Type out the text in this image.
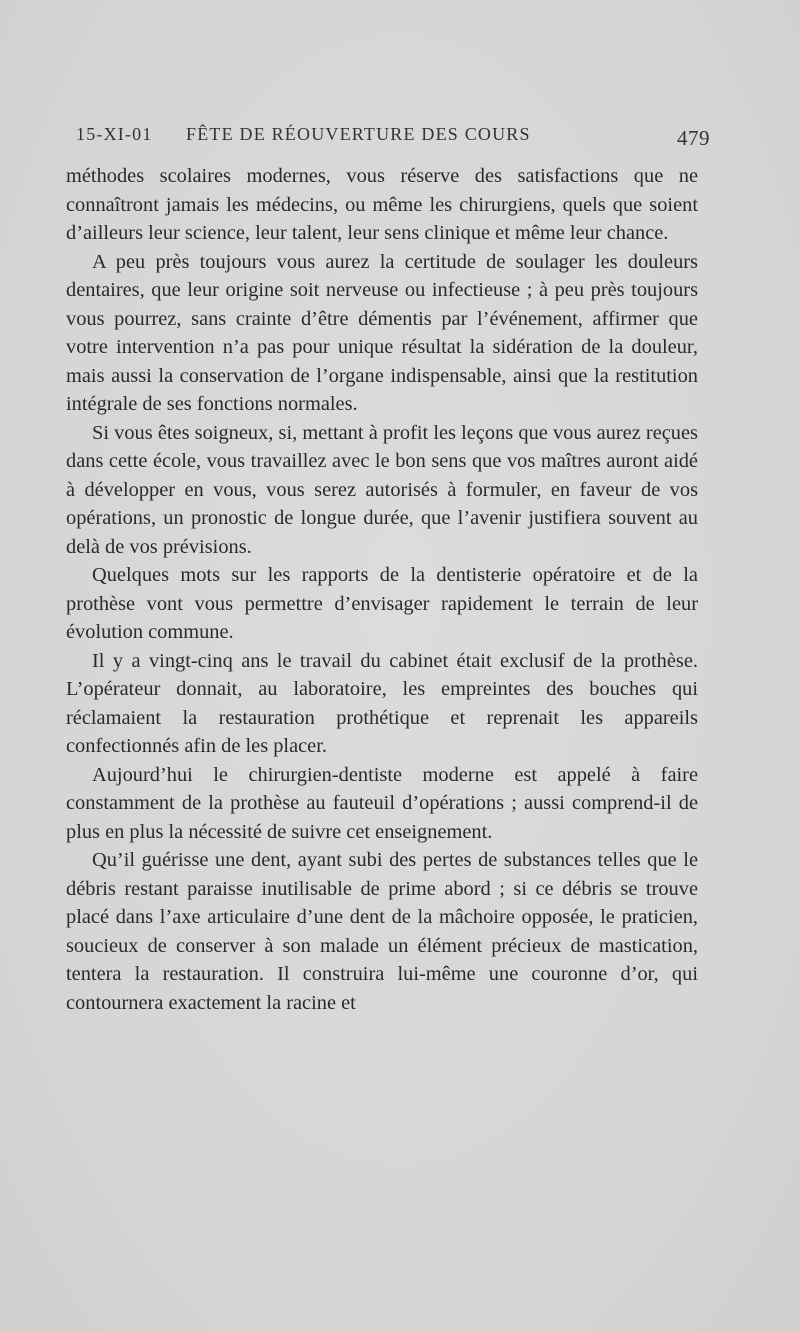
15-XI-01 FÊTE DE RÉOUVERTURE DES COURS	479

méthodes scolaires modernes, vous réserve des satisfactions que ne connaîtront jamais les médecins, ou même les chirurgiens, quels que soient d’ailleurs leur science, leur talent, leur sens clinique et même leur chance.

A peu près toujours vous aurez la certitude de soulager les douleurs dentaires, que leur origine soit nerveuse ou infectieuse ; à peu près toujours vous pourrez, sans crainte d’être démentis par l’événement, affirmer que votre intervention n’a pas pour unique résultat la sidération de la douleur, mais aussi la conservation de l’organe indispensable, ainsi que la restitution intégrale de ses fonctions normales.

Si vous êtes soigneux, si, mettant à profit les leçons que vous aurez reçues dans cette école, vous travaillez avec le bon sens que vos maîtres auront aidé à développer en vous, vous serez autorisés à formuler, en faveur de vos opérations, un pronostic de longue durée, que l’avenir justifiera souvent au delà de vos prévisions.

Quelques mots sur les rapports de la dentisterie opératoire et de la prothèse vont vous permettre d’envisager rapidement le terrain de leur évolution commune.

Il y a vingt-cinq ans le travail du cabinet était exclusif de la prothèse. L’opérateur donnait, au laboratoire, les empreintes des bouches qui réclamaient la restauration prothétique et reprenait les appareils confectionnés afin de les placer.

Aujourd’hui le chirurgien-dentiste moderne est appelé à faire constamment de la prothèse au fauteuil d’opérations ; aussi comprend-il de plus en plus la nécessité de suivre cet enseignement.

Qu’il guérisse une dent, ayant subi des pertes de substances telles que le débris restant paraisse inutilisable de prime abord ; si ce débris se trouve placé dans l’axe articulaire d’une dent de la mâchoire opposée, le praticien, soucieux de conserver à son malade un élément précieux de mastication, tentera la restauration. Il construira lui-même une couronne d’or, qui contournera exactement la racine et
